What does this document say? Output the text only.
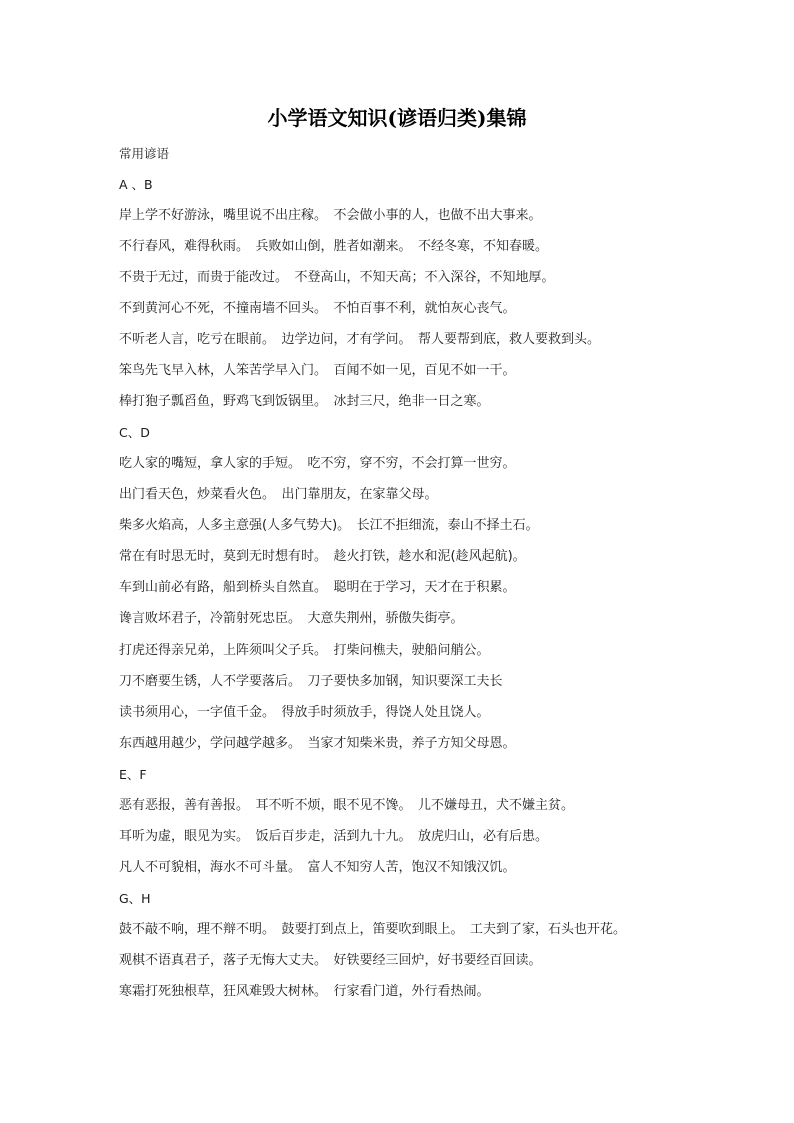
小学语文知识(谚语归类)集锦
常用谚语
A 、B
岸上学不好游泳，嘴里说不出庄稼。　不会做小事的人，也做不出大事来。
不行春风，难得秋雨。　兵败如山倒，胜者如潮来。　不经冬寒，不知春暖。
不贵于无过，而贵于能改过。　不登高山，不知天高；不入深谷，不知地厚。
不到黄河心不死，不撞南墙不回头。　不怕百事不利，就怕灰心丧气。
不听老人言，吃亏在眼前。　边学边问，才有学问。　帮人要帮到底，救人要救到头。
笨鸟先飞早入林，人笨苦学早入门。　百闻不如一见，百见不如一干。
棒打狍子瓢舀鱼，野鸡飞到饭锅里。　冰封三尺，绝非一日之寒。
C、D
吃人家的嘴短，拿人家的手短。　吃不穷，穿不穷，不会打算一世穷。
出门看天色，炒菜看火色。　出门靠朋友，在家靠父母。
柴多火焰高，人多主意强(人多气势大)。　长江不拒细流，泰山不择土石。
常在有时思无时，莫到无时想有时。　趁火打铁，趁水和泥(趁风起航)。
车到山前必有路，船到桥头自然直。　聪明在于学习，天才在于积累。
谗言败坏君子，冷箭射死忠臣。　大意失荆州，骄傲失街亭。
打虎还得亲兄弟，上阵须叫父子兵。　打柴问樵夫，驶船问艄公。
刀不磨要生锈，人不学要落后。　刀子要快多加钢，知识要深工夫长
读书须用心，一字值千金。　得放手时须放手，得饶人处且饶人。
东西越用越少，学问越学越多。　当家才知柴米贵，养子方知父母恩。
E、F
恶有恶报，善有善报。　耳不听不烦，眼不见不馋。　儿不嫌母丑，犬不嫌主贫。
耳听为虚，眼见为实。　饭后百步走，活到九十九。　放虎归山，必有后患。
凡人不可貌相，海水不可斗量。　富人不知穷人苦，饱汉不知饿汉饥。
G、H
鼓不敲不响，理不辩不明。　鼓要打到点上，笛要吹到眼上。　工夫到了家，石头也开花。
观棋不语真君子，落子无悔大丈夫。　好铁要经三回炉，好书要经百回读。
寒霜打死独根草，狂风难毁大树林。　行家看门道，外行看热闹。
